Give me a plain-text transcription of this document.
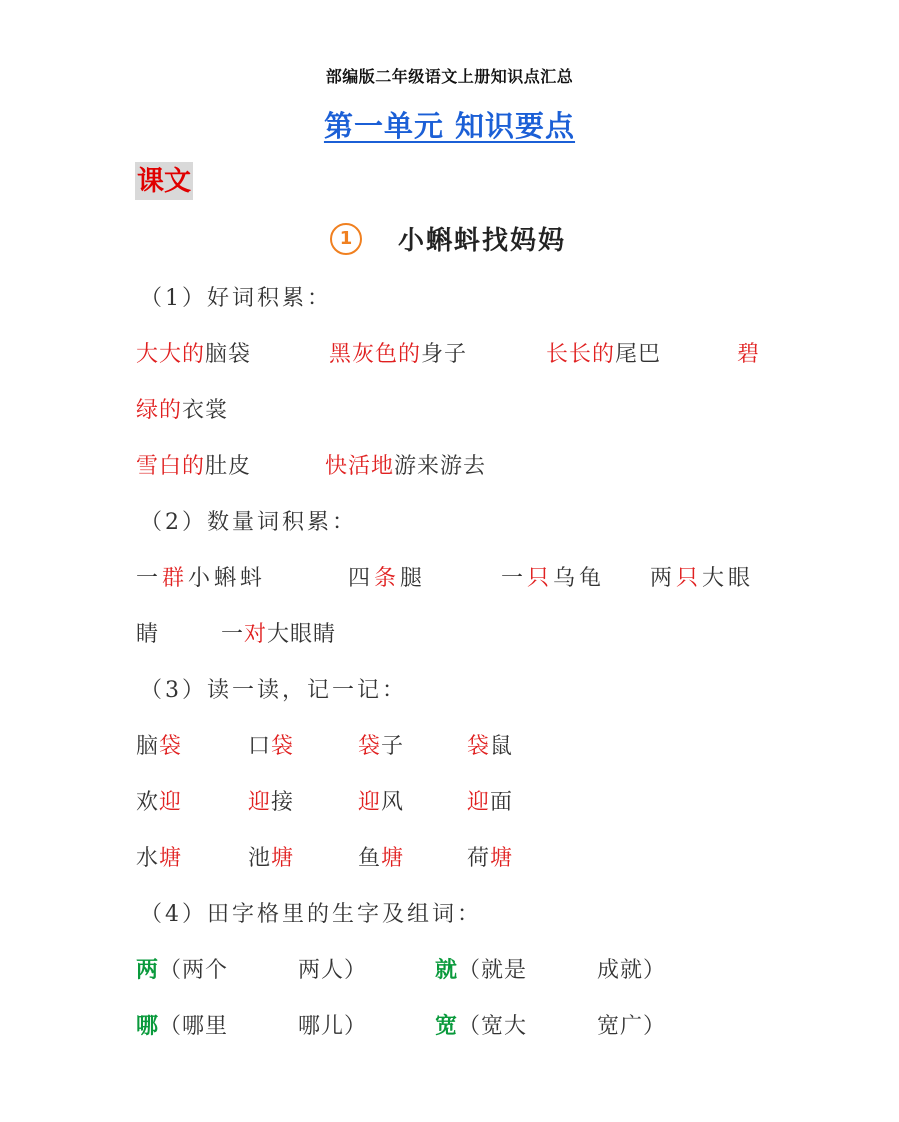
部编版二年级语文上册知识点汇总
第一单元 知识要点
课文
1	小蝌蚪找妈妈
（1）好词积累：
大大的脑袋	黑灰色的身子	长长的尾巴	碧
绿的衣裳
雪白的肚皮	快活地游来游去
（2）数量词积累：
一群小蝌蚪	四条腿	一只乌龟 两只大眼
睛	一对大眼睛
（3）读一读，记一记：
脑袋	口袋	袋子	袋鼠
欢迎	迎接	迎风	迎面
水塘	池塘	鱼塘	荷塘
（4）田字格里的生字及组词：
两（两个	两人）	就（就是	成就）
哪（哪里	哪儿）	宽（宽大	宽广）
